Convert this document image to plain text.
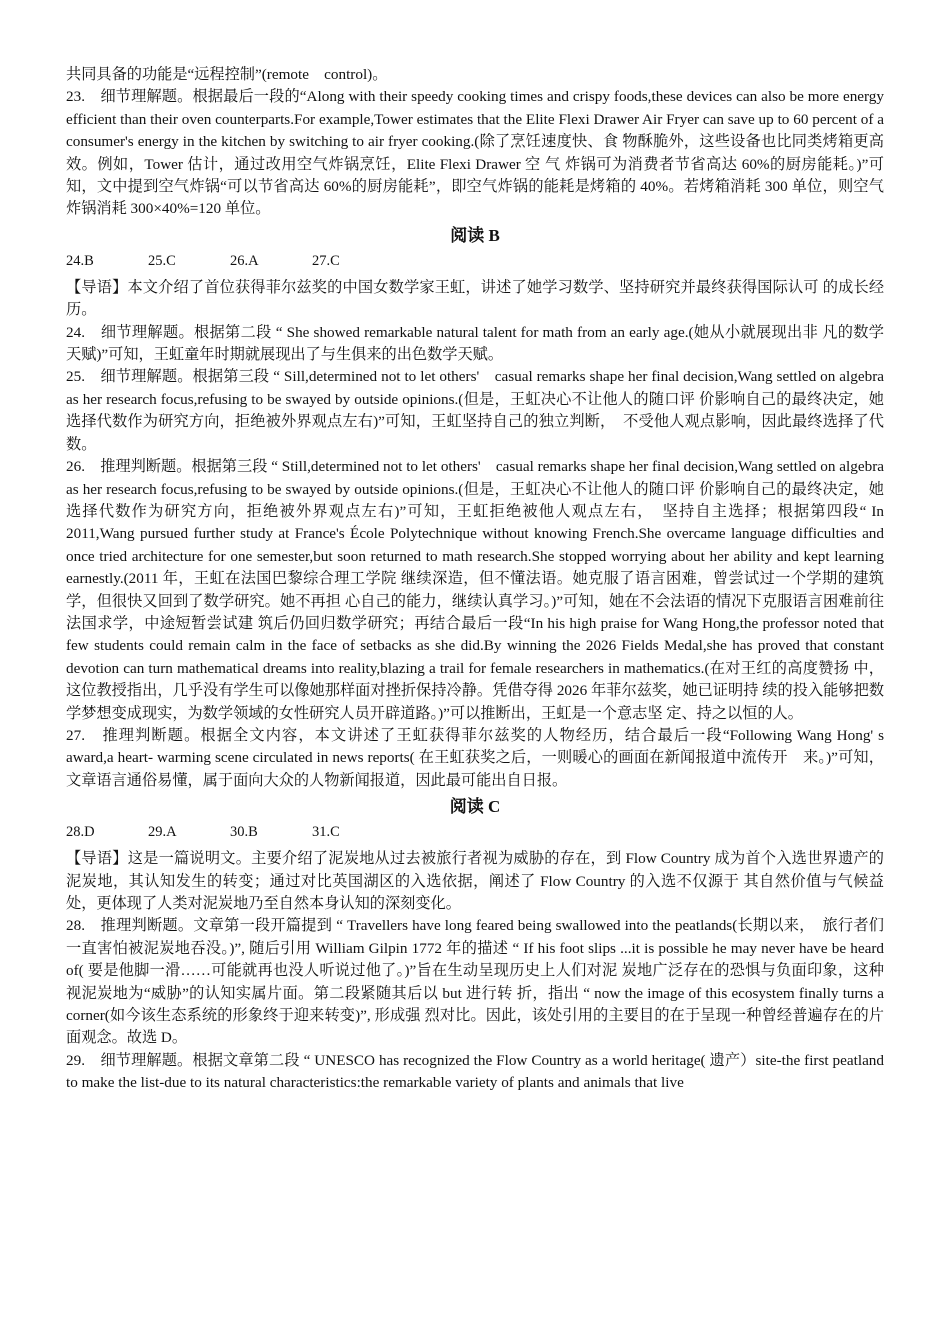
共同具备的功能是“远程控制”(remote　control)。

23.　细节理解题。根据最后一段的“Along with their speedy cooking times and crispy foods,these devices can also be more energy efficient than their oven counterparts.For example,Tower estimates that the Elite Flexi Drawer Air Fryer can save up to 60 percent of a consumer's energy in the kitchen by switching to air fryer cooking.(除了烹饪速度快、食 物酥脆外，这些设备也比同类烤箱更高效。例如，Tower 估计，通过改用空气炸锅烹饪，Elite Flexi Drawer 空 气 炸锅可为消费者节省高达 60%的厨房能耗。)”可知，文中提到空气炸锅“可以节省高达 60%的厨房能耗”，即空气炸锅的能耗是烤箱的 40%。若烤箱消耗 300 单位，则空气炸锅消耗 300×40%=120 单位。

阅读 B
24.B	25.C	26.A	27.C

【导语】本文介绍了首位获得菲尔兹奖的中国女数学家王虹，讲述了她学习数学、坚持研究并最终获得国际认可 的成长经历。

24.　细节理解题。根据第二段 “ She showed remarkable natural talent for math from an early age.(她从小就展现出非 凡的数学天赋)”可知，王虹童年时期就展现出了与生俱来的出色数学天赋。

25.　细节理解题。根据第三段 “ Sill,determined not to let others'　casual remarks shape her final decision,Wang settled on algebra as her research focus,refusing to be swayed by outside opinions.(但是，王虹决心不让他人的随口评 价影响自己的最终决定，她选择代数作为研究方向，拒绝被外界观点左右)”可知，王虹坚持自己的独立判断，　不受他人观点影响，因此最终选择了代数。

26.　推理判断题。根据第三段 “ Still,determined not to let others'　casual remarks shape her final decision,Wang settled on algebra as her research focus,refusing to be swayed by outside opinions.(但是，王虹决心不让他人的随口评 价影响自己的最终决定，她选择代数作为研究方向，拒绝被外界观点左右)”可知，王虹拒绝被他人观点左右，　坚持自主选择；根据第四段“ In 2011,Wang pursued further study at France's École Polytechnique without knowing French.She overcame language difficulties and once tried architecture for one semester,but soon returned to math research.She stopped worrying about her ability and kept learning earnestly.(2011 年，王虹在法国巴黎综合理工学院 继续深造，但不懂法语。她克服了语言困难，曾尝试过一个学期的建筑学，但很快又回到了数学研究。她不再担 心自己的能力，继续认真学习。)”可知，她在不会法语的情况下克服语言困难前往法国求学，中途短暂尝试建 筑后仍回归数学研究；再结合最后一段“In his high praise for Wang Hong,the professor noted that few students could remain calm in the face of setbacks as she did.By winning the 2026 Fields Medal,she has proved that constant devotion can turn mathematical dreams into reality,blazing a trail for female researchers in mathematics.(在对王红的高度赞扬 中，这位教授指出，几乎没有学生可以像她那样面对挫折保持冷静。凭借夺得 2026 年菲尔兹奖，她已证明持 续的投入能够把数学梦想变成现实，为数学领域的女性研究人员开辟道路。)”可以推断出，王虹是一个意志坚 定、持之以恒的人。

27.　推理判断题。根据全文内容，本文讲述了王虹获得菲尔兹奖的人物经历，结合最后一段“Following Wang Hong' s award,a heart- warming scene circulated in news reports( 在王虹获奖之后，一则暖心的画面在新闻报道中流传开　来。)”可知，文章语言通俗易懂，属于面向大众的人物新闻报道，因此最可能出自日报。

阅读 C
28.D	29.A	30.B	31.C

【导语】这是一篇说明文。主要介绍了泥炭地从过去被旅行者视为威胁的存在，到 Flow Country 成为首个入选世界遗产的泥炭地，其认知发生的转变；通过对比英国湖区的入选依据，阐述了 Flow Country 的入选不仅源于 其自然价值与气候益处，更体现了人类对泥炭地乃至自然本身认知的深刻变化。

28.　推理判断题。文章第一段开篇提到 “ Travellers have long feared being swallowed into the peatlands(长期以来，　旅行者们一直害怕被泥炭地吞没。)”, 随后引用 William Gilpin 1772 年的描述 “ If his foot slips ...it is possible he may never have be heard of( 要是他脚一滑……可能就再也没人听说过他了。)”旨在生动呈现历史上人们对泥 炭地广泛存在的恐惧与负面印象，这种视泥炭地为“威胁”的认知实属片面。第二段紧随其后以 but 进行转 折，指出 “ now the image of this ecosystem finally turns a corner(如今该生态系统的形象终于迎来转变)”, 形成强 烈对比。因此，该处引用的主要目的在于呈现一种曾经普遍存在的片面观念。故选 D。

29.　细节理解题。根据文章第二段 “ UNESCO has recognized the Flow Country as a world heritage( 遗产）site-the first peatland to make the list-due to its natural characteristics:the remarkable variety of plants and animals that live
